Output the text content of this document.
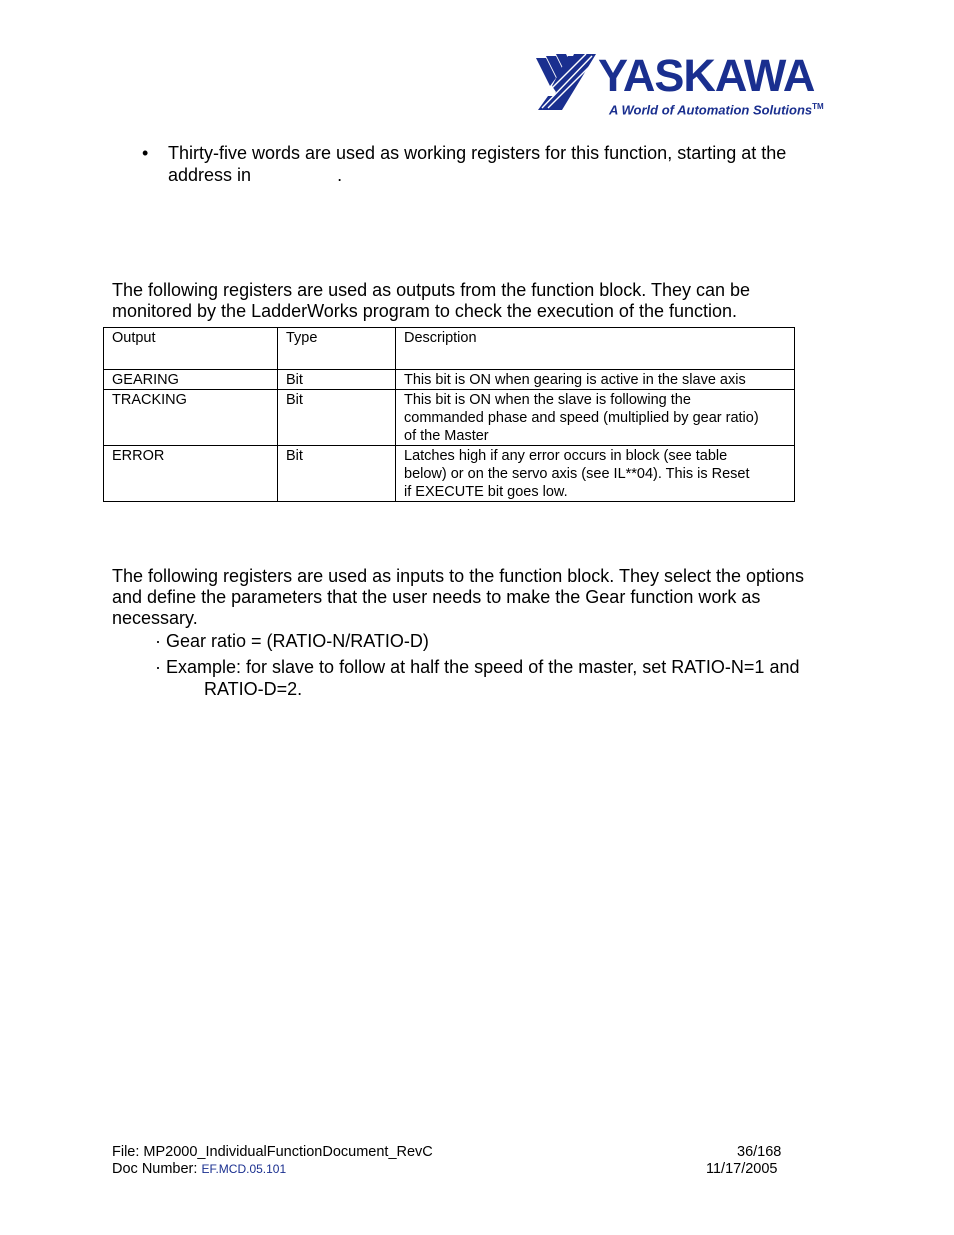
YASKAWA
A World of Automation Solutions™
• Thirty-five words are used as working registers for this function, starting at the
address in	.
The following registers are used as outputs from the function block. They can be
monitored by the LadderWorks program to check the execution of the function.
Output	Type	Description
GEARING	Bit	This bit is ON when gearing is active in the slave axis

TRACKING	Bit	This bit is ON when the slave is following the
commanded phase and speed (multiplied by gear ratio)
of the Master

ERROR	Bit	Latches high if any error occurs in block (see table
below) or on the servo axis (see IL**04). This is Reset
if EXECUTE bit goes low.
The following registers are used as inputs to the function block. They select the options
and define the parameters that the user needs to make the Gear function work as
necessary.
· Gear ratio = (RATIO-N/RATIO-D)
· Example: for slave to follow at half the speed of the master, set RATIO-N=1 and
RATIO-D=2.
File: MP2000_IndividualFunctionDocument_RevC	36/168
Doc Number: EF.MCD.05.101	11/17/2005
